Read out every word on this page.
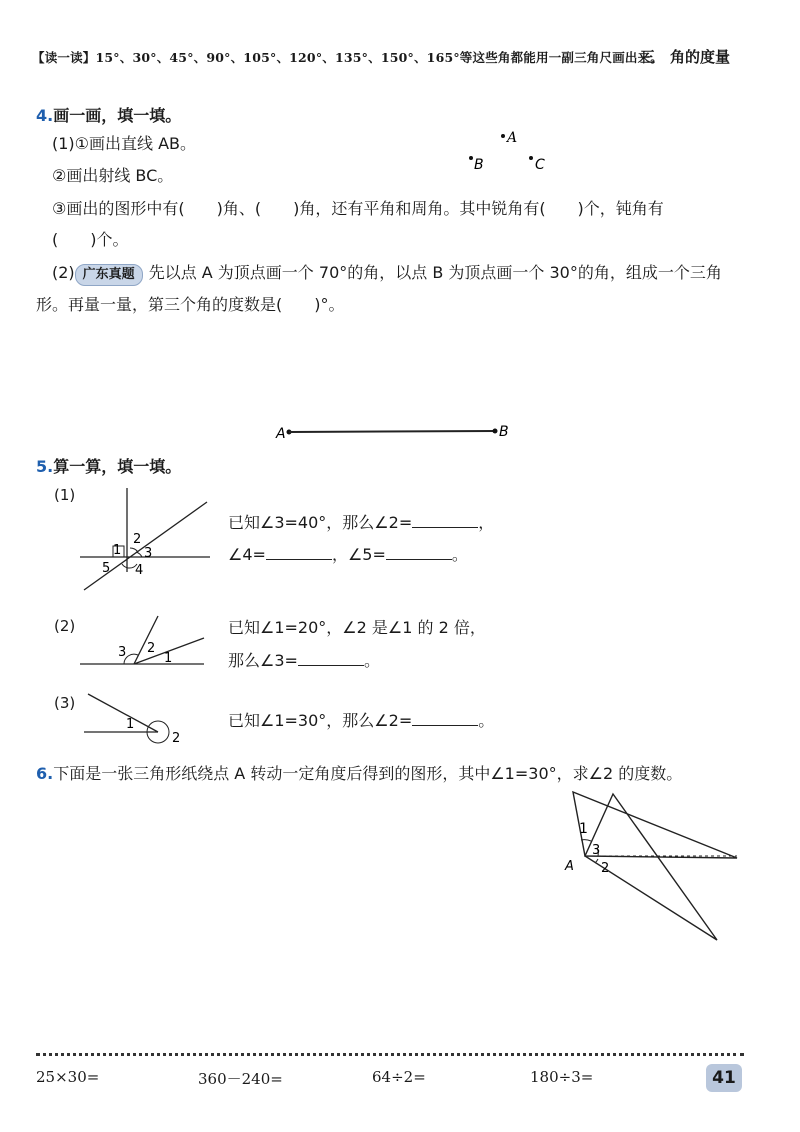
【读一读】15°、30°、45°、90°、105°、120°、135°、150°、165°等这些角都能用一副三角尺画出来。
三　角的度量
4.画一画，填一填。
(1)①画出直线 AB。
②画出射线 BC。
③画出的图形中有(　　)角、(　　)角，还有平角和周角。其中锐角有(　　)个，钝角有
(　　)个。
A
B	C
(2) 广东真题 先以点 A 为顶点画一个 70°的角，以点 B 为顶点画一个 30°的角，组成一个三角
形。再量一量，第三个角的度数是(　　)°。
A	B
5.算一算，填一填。
(1)
1
2
3
4
5
已知∠3=40°，那么∠2=	，
∠4=	，∠5=	。
(2)
3 2
1
已知∠1=20°，∠2 是∠1 的 2 倍，
那么∠3=	。
(3)
1
2
已知∠1=30°，那么∠2=	。
6.下面是一张三角形纸绕点 A 转动一定角度后得到的图形，其中∠1=30°，求∠2 的度数。
1
3
2
A
25×30=	360－240=	64÷2=	180÷3=	41
